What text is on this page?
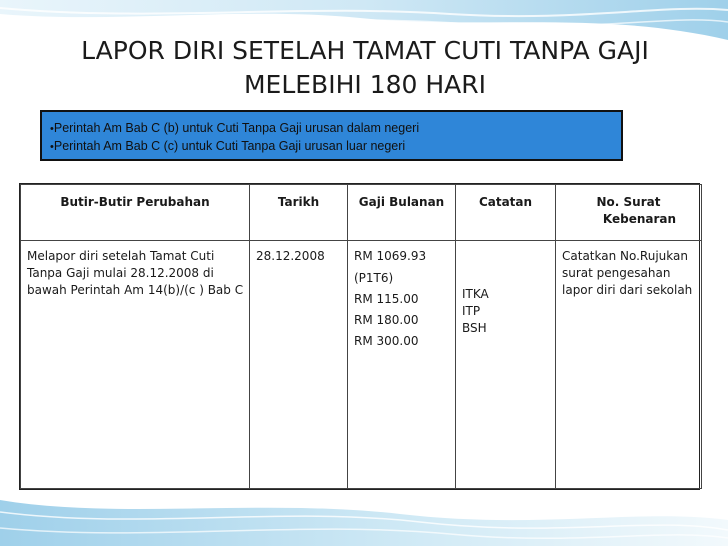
LAPOR DIRI SETELAH TAMAT CUTI TANPA GAJI
MELEBIHI 180 HARI
•Perintah Am Bab C (b) untuk Cuti Tanpa Gaji urusan dalam negeri
•Perintah Am Bab C (c) untuk Cuti Tanpa Gaji urusan luar negeri
Butir-Butir Perubahan	Tarikh	Gaji Bulanan	Catatan	No. Surat
Kebenaran

Melapor diri setelah Tamat Cuti Tanpa Gaji mulai 28.12.2008 di bawah Perintah Am 14(b)/(c ) Bab C	28.12.2008	RM 1069.93
(P1T6)
RM 115.00
RM 180.00
RM 300.00	ITKA
ITP
BSH	Catatkan No.Rujukan surat pengesahan lapor diri dari sekolah
